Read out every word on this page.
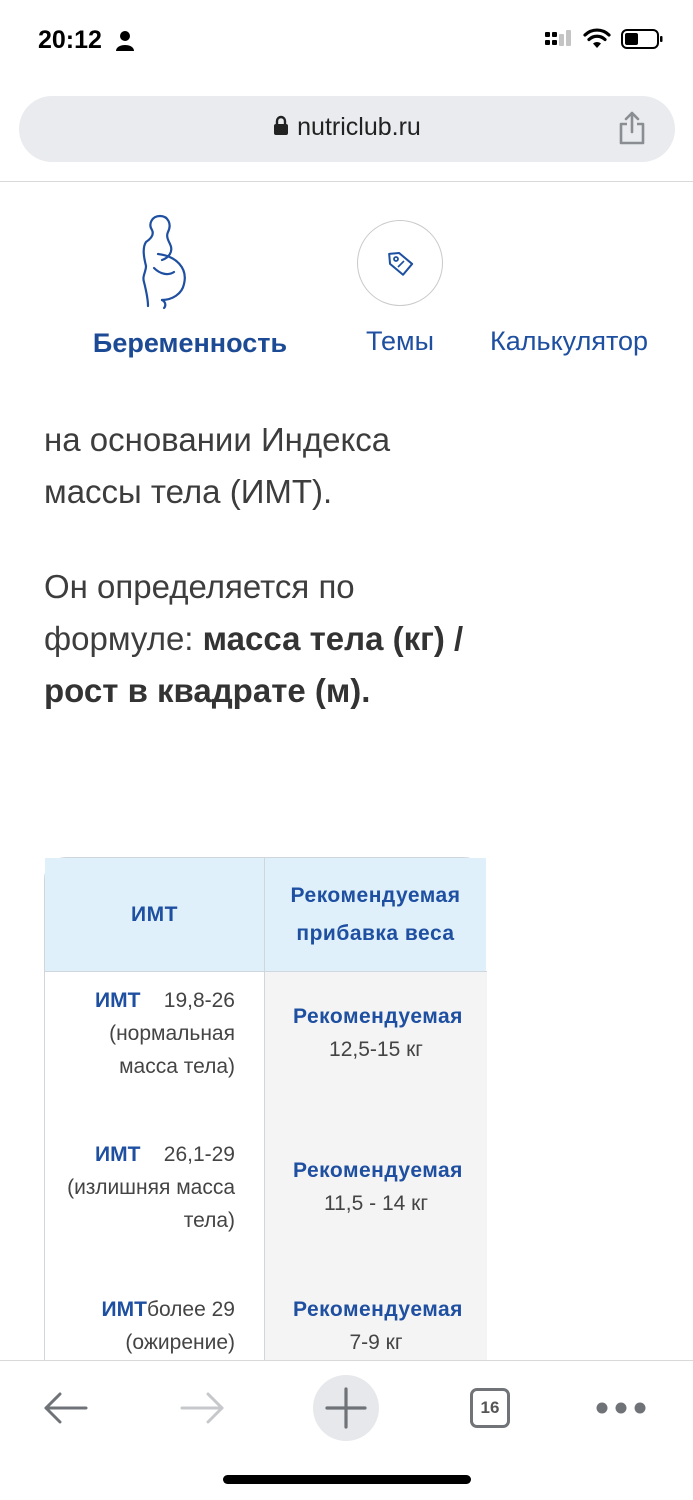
20:12
nutriclub.ru
Беременность	Темы	Калькулятор
на основании Индекса массы тела (ИМТ).
Он определяется по формуле: масса тела (кг) / рост в квадрате (м).
ИМТ
Рекомендуемая прибавка веса
ИМТ 19,8-26
(нормальная масса тела)
Рекомендуемая
12,5-15 кг
ИМТ 26,1-29
(излишняя масса тела)
Рекомендуемая
11,5 - 14 кг
ИМТболее 29
(ожирение)
Рекомендуемая
7-9 кг
16
